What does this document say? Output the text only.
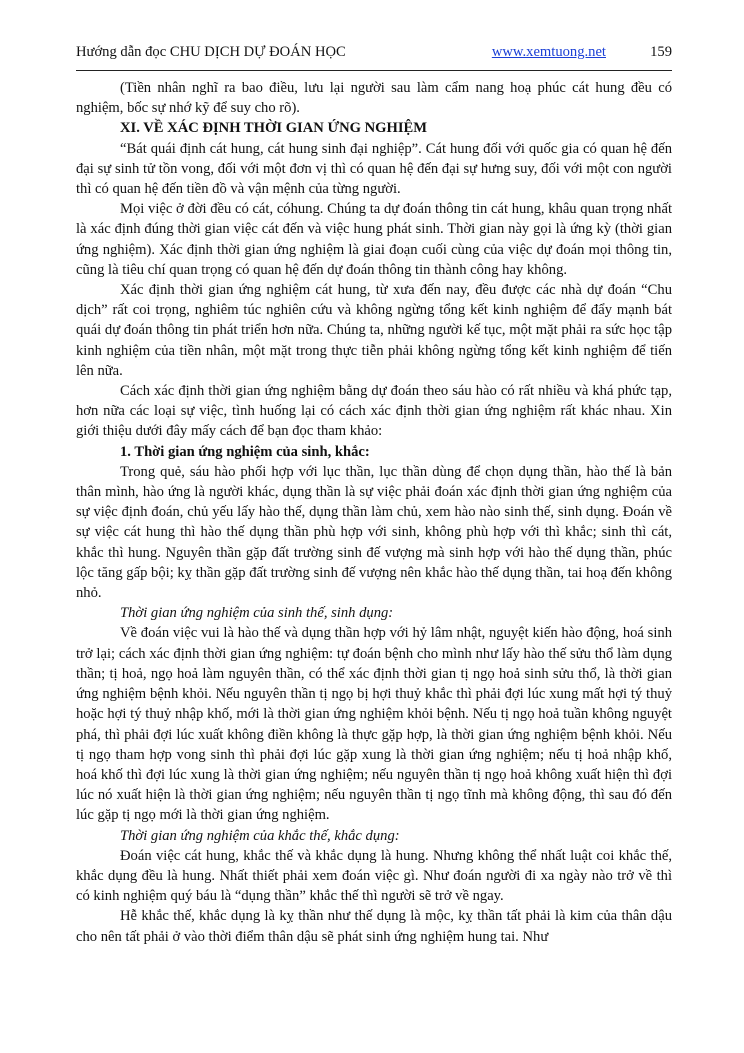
Hướng dẫn đọc CHU DỊCH DỰ ĐOÁN HỌC	www.xemtuong.net	159

(Tiền nhân nghĩ ra bao điều, lưu lại người sau làm cẩm nang hoạ phúc cát hung đều có nghiệm, bốc sự nhớ kỹ để suy cho rõ).

XI. VỀ XÁC ĐỊNH THỜI GIAN ỨNG NGHIỆM

“Bát quái định cát hung, cát hung sinh đại nghiệp”. Cát hung đối với quốc gia có quan hệ đến đại sự sinh tử tồn vong, đối với một đơn vị thì có quan hệ đến đại sự hưng suy, đối với một con người thì có quan hệ đến tiền đồ và vận mệnh của từng người.

Mọi việc ở đời đều có cát, cóhung. Chúng ta dự đoán thông tin cát hung, khâu quan trọng nhất là xác định đúng thời gian việc cát đến và việc hung phát sinh. Thời gian này gọi là ứng kỳ (thời gian ứng nghiệm). Xác định thời gian ứng nghiệm là giai đoạn cuối cùng của việc dự đoán mọi thông tin, cũng là tiêu chí quan trọng có quan hệ đến dự đoán thông tin thành công hay không.

Xác định thời gian ứng nghiệm cát hung, từ xưa đến nay, đều được các nhà dự đoán “Chu dịch” rất coi trọng, nghiêm túc nghiên cứu và không ngừng tổng kết kinh nghiệm để đẩy mạnh bát quái dự đoán thông tin phát triển hơn nữa. Chúng ta, những người kế tục, một mặt phải ra sức học tập kinh nghiệm của tiền nhân, một mặt trong thực tiễn phải không ngừng tổng kết kinh nghiệm để tiến lên nữa.

Cách xác định thời gian ứng nghiệm bằng dự đoán theo sáu hào có rất nhiều và khá phức tạp, hơn nữa các loại sự việc, tình huống lại có cách xác định thời gian ứng nghiệm rất khác nhau. Xin giới thiệu dưới đây mấy cách để bạn đọc tham khảo:

1. Thời gian ứng nghiệm của sinh, khắc:

Trong quẻ, sáu hào phối hợp với lục thần, lục thần dùng để chọn dụng thần, hào thế là bản thân mình, hào ứng là người khác, dụng thần là sự việc phải đoán xác định thời gian ứng nghiệm của sự việc định đoán, chủ yếu lấy hào thế, dụng thần làm chủ, xem hào nào sinh thế, sinh dụng. Đoán về sự việc cát hung thì hào thế dụng thần phù hợp với sinh, không phù hợp với thì khắc; sinh thì cát, khắc thì hung. Nguyên thần gặp đất trường sinh đế vượng mà sinh hợp với hào thế dụng thần, phúc lộc tăng gấp bội; kỵ thần gặp đất trường sinh đế vượng nên khắc hào thế dụng thần, tai hoạ đến không nhỏ.

Thời gian ứng nghiệm của sinh thế, sinh dụng:

Về đoán việc vui là hào thế và dụng thần hợp với hỷ lâm nhật, nguyệt kiến hào động, hoá sinh trở lại; cách xác định thời gian ứng nghiệm: tự đoán bệnh cho mình như lấy hào thế sửu thổ làm dụng thần; tị hoả, ngọ hoả làm nguyên thần, có thể xác định thời gian tị ngọ hoả sinh sửu thổ, là thời gian ứng nghiệm bệnh khỏi. Nếu nguyên thần tị ngọ bị hợi thuỷ khắc thì phải đợi lúc xung mất hợi tý thuỷ hoặc hợi tý thuỷ nhập khố, mới là thời gian ứng nghiệm khỏi bệnh. Nếu tị ngọ hoả tuần không nguyệt phá, thì phải đợi lúc xuất không điền không là thực gặp hợp, là thời gian ứng nghiệm bệnh khỏi. Nếu tị ngọ tham hợp vong sinh thì phải đợi lúc gặp xung là thời gian ứng nghiệm; nếu tị hoả nhập khố, hoá khố thì đợi lúc xung là thời gian ứng nghiệm; nếu nguyên thần tị ngọ hoả không xuất hiện thì đợi lúc nó xuất hiện là thời gian ứng nghiệm; nếu nguyên thần tị ngọ tĩnh mà không động, thì sau đó đến lúc gặp tị ngọ mới là thời gian ứng nghiệm.

Thời gian ứng nghiệm của khắc thế, khắc dụng:

Đoán việc cát hung, khắc thế và khắc dụng là hung. Nhưng không thể nhất luật coi khắc thế, khắc dụng đều là hung. Nhất thiết phải xem đoán việc gì. Như đoán người đi xa ngày nào trở về thì có kinh nghiệm quý báu là “dụng thần” khắc thế thì người sẽ trở về ngay.

Hễ khắc thế, khắc dụng là kỵ thần như thế dụng là mộc, kỵ thần tất phải là kim của thân dậu cho nên tất phải ở vào thời điểm thân dậu sẽ phát sinh ứng nghiệm hung tai. Như
